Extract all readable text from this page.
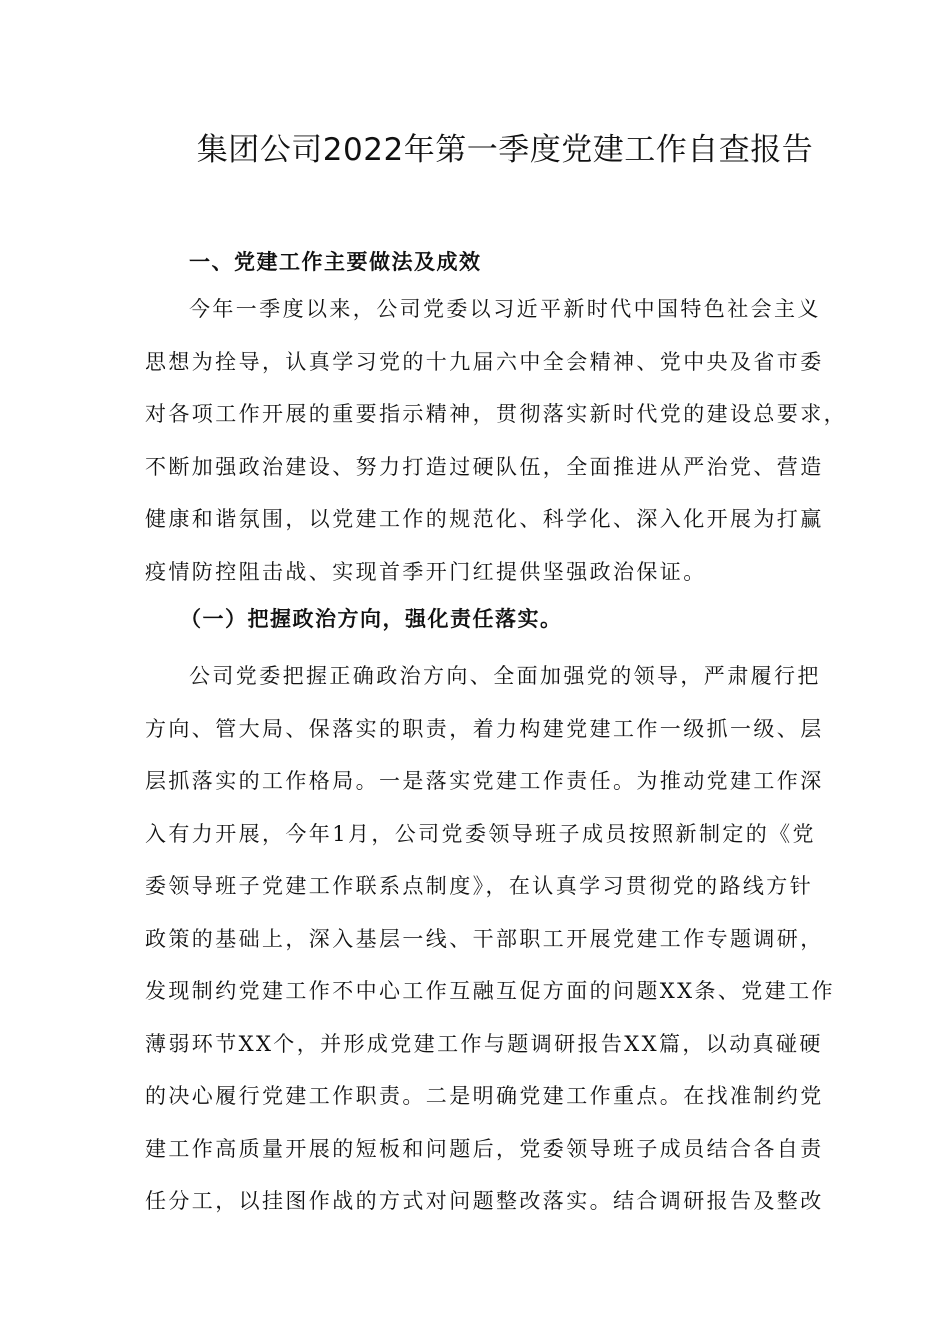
集团公司2022年第一季度党建工作自查报告
一、党建工作主要做法及成效
今年一季度以来，公司党委以习近平新时代中国特色社会主义
思想为拴导，认真学习党的十九届六中全会精神、党中央及省市委
对各项工作开展的重要指示精神，贯彻落实新时代党的建设总要求，
不断加强政治建设、努力打造过硬队伍，全面推进从严治党、营造
健康和谐氛围，以党建工作的规范化、科学化、深入化开展为打赢
疫情防控阻击战、实现首季开门红提供坚强政治保证。
（一）把握政治方向，强化责任落实。
公司党委把握正确政治方向、全面加强党的领导，严肃履行把
方向、管大局、保落实的职责，着力构建党建工作一级抓一级、层
层抓落实的工作格局。一是落实党建工作责任。为推动党建工作深
入有力开展，今年1月，公司党委领导班子成员按照新制定的《党
委领导班子党建工作联系点制度》，在认真学习贯彻党的路线方针
政策的基础上，深入基层一线、干部职工开展党建工作专题调研，
发现制约党建工作不中心工作互融互促方面的问题XX条、党建工作
薄弱环节XX个，并形成党建工作与题调研报告XX篇，以动真碰硬
的决心履行党建工作职责。二是明确党建工作重点。在找准制约党
建工作高质量开展的短板和问题后，党委领导班子成员结合各自责
任分工，以挂图作战的方式对问题整改落实。结合调研报告及整改
